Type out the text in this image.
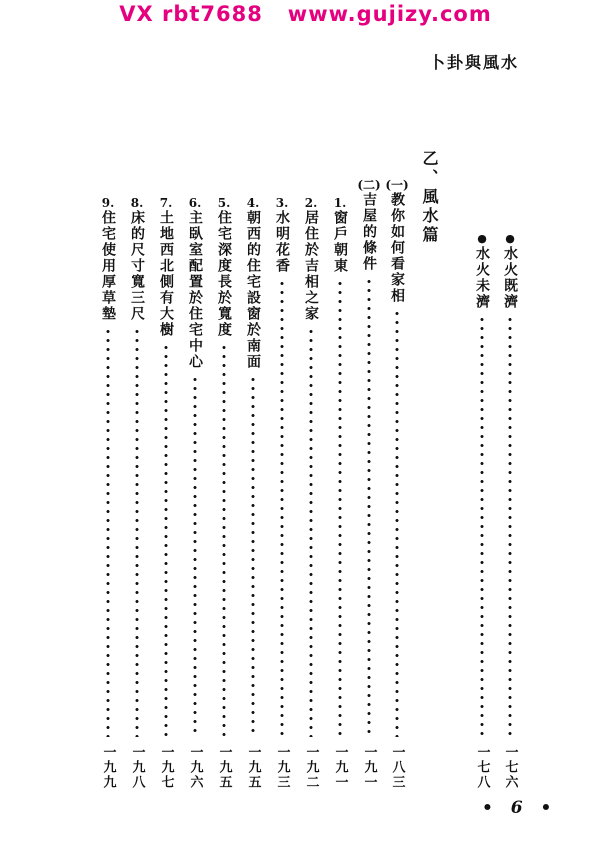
VX rbt7688   www.gujizy.com
卜卦與風水
乙、風水篇	●
水火既濟
一七六
●
水火未濟
一七八
(一)
教你如何看家相
一八三
(二)
吉屋的條件
一九一
1.
窗戶朝東
一九一
2.
居住於吉相之家
一九二
3.
水明花香
一九三
4.
朝西的住宅設窗於南面
一九五
5.
住宅深度長於寬度
一九五
6.
主臥室配置於住宅中心
一九六
7.
土地西北側有大樹
一九七
8.
床的尺寸寬三尺
一九八
9.
住宅使用厚草墊
一九九
• 6 •
